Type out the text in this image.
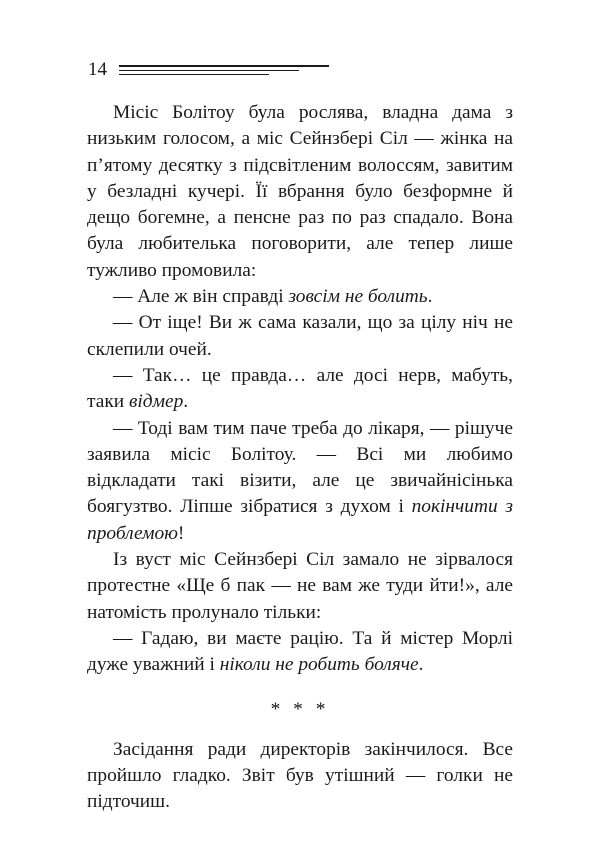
14

Місіс Болітоу була рослява, владна дама з низьким голосом, а міс Сейнзбері Сіл — жінка на п’ятому десятку з підсвітленим волоссям, завитим у безладні кучері. Її вбрання було безформне й дещо богемне, а пенсне раз по раз спадало. Вона була любителька поговорити, але тепер лише тужливо промовила:

— Але ж він справді зовсім не болить.

— От іще! Ви ж сама казали, що за цілу ніч не склепили очей.

— Так… це правда… але досі нерв, мабуть, таки відмер.

— Тоді вам тим паче треба до лікаря, — рішуче заявила місіс Болітоу. — Всі ми любимо відкладати такі візити, але це звичайнісінька боягузтво. Ліпше зібратися з духом і покінчити з проблемою!

Із вуст міс Сейнзбері Сіл замало не зірвалося протестне «Ще б пак — не вам же туди йти!», але натомість пролунало тільки:

— Гадаю, ви маєте рацію. Та й містер Морлі дуже уважний і ніколи не робить боляче.

* * *

Засідання ради директорів закінчилося. Все пройшло гладко. Звіт був утішний — голки не підточиш.
